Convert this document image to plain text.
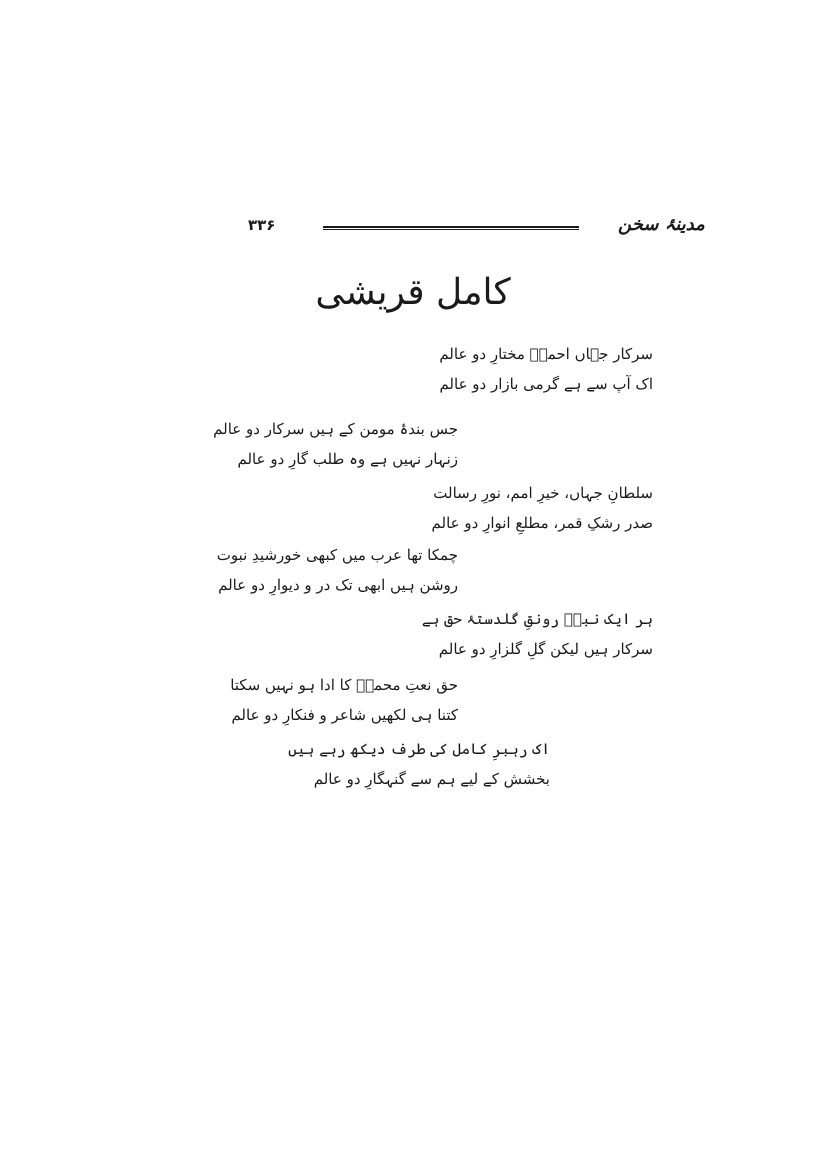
۳۳۶	مدینۂ سخن
کامل قریشی
سرکار جہاں احمدؐ مختارِ دو عالم
اک آپ سے ہے گرمی بازار دو عالم
جس بندۂ مومن کے ہیں سرکار دو عالم
زنہار نہیں ہے وہ طلب گارِ دو عالم
سلطانِ جہاں، خیرِ امم، نورِ رسالت
صدر رشکِ قمر، مطلعِ انوارِ دو عالم
چمکا تھا عرب میں کبھی خورشیدِ نبوت
روشن ہیں ابھی تک در و دیوارِ دو عالم
ہر ایک نبیؑ رونقِ گلدستۂ حق ہے
سرکار ہیں لیکن گلِ گلزارِ دو عالم
حق نعتِ محمدؐ کا ادا ہو نہیں سکتا
کتنا ہی لکھیں شاعر و فنکارِ دو عالم
اک رہبرِ کامل کی طرف دیکھ رہے ہیں
بخشش کے لیے ہم سے گنہگارِ دو عالم
